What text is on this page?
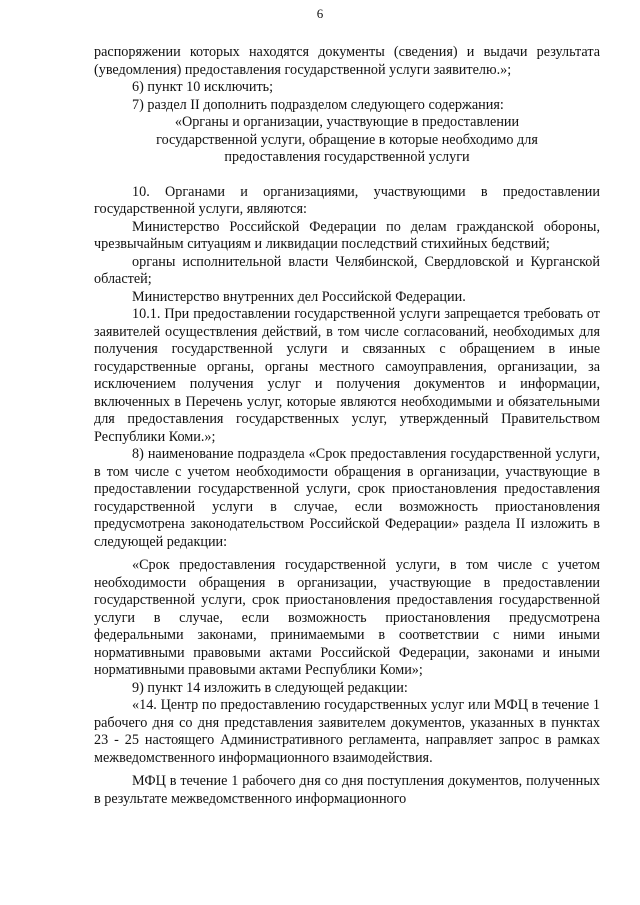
6

распоряжении которых находятся документы (сведения) и выдачи результата (уведомления) предоставления государственной услуги заявителю.»;

6) пункт 10 исключить;

7) раздел II дополнить подразделом следующего содержания:

«Органы и организации, участвующие в предоставлении государственной услуги, обращение в которые необходимо для предоставления государственной услуги

10. Органами и организациями, участвующими в предоставлении государственной услуги, являются:

Министерство Российской Федерации по делам гражданской обороны, чрезвычайным ситуациям и ликвидации последствий стихийных бедствий;

органы исполнительной власти Челябинской, Свердловской и Курганской областей;

Министерство внутренних дел Российской Федерации.

10.1. При предоставлении государственной услуги запрещается требовать от заявителей осуществления действий, в том числе согласований, необходимых для получения государственной услуги и связанных с обращением в иные государственные органы, органы местного самоуправления, организации, за исключением получения услуг и получения документов и информации, включенных в Перечень услуг, которые являются необходимыми и обязательными для предоставления государственных услуг, утвержденный Правительством Республики Коми.»;

8) наименование подраздела «Срок предоставления государственной услуги, в том числе с учетом необходимости обращения в организации, участвующие в предоставлении государственной услуги, срок приостановления предоставления государственной услуги в случае, если возможность приостановления предусмотрена законодательством Российской Федерации» раздела II изложить в следующей редакции:

«Срок предоставления государственной услуги, в том числе с учетом необходимости обращения в организации, участвующие в предоставлении государственной услуги, срок приостановления предоставления государственной услуги в случае, если возможность приостановления предусмотрена федеральными законами, принимаемыми в соответствии с ними иными нормативными правовыми актами Российской Федерации, законами и иными нормативными правовыми актами Республики Коми»;

9) пункт 14 изложить в следующей редакции:

«14. Центр по предоставлению государственных услуг или МФЦ в течение 1 рабочего дня со дня представления заявителем документов, указанных в пунктах 23 - 25 настоящего Административного регламента, направляет запрос в рамках межведомственного информационного взаимодействия.

МФЦ в течение 1 рабочего дня со дня поступления документов, полученных в результате межведомственного информационного
